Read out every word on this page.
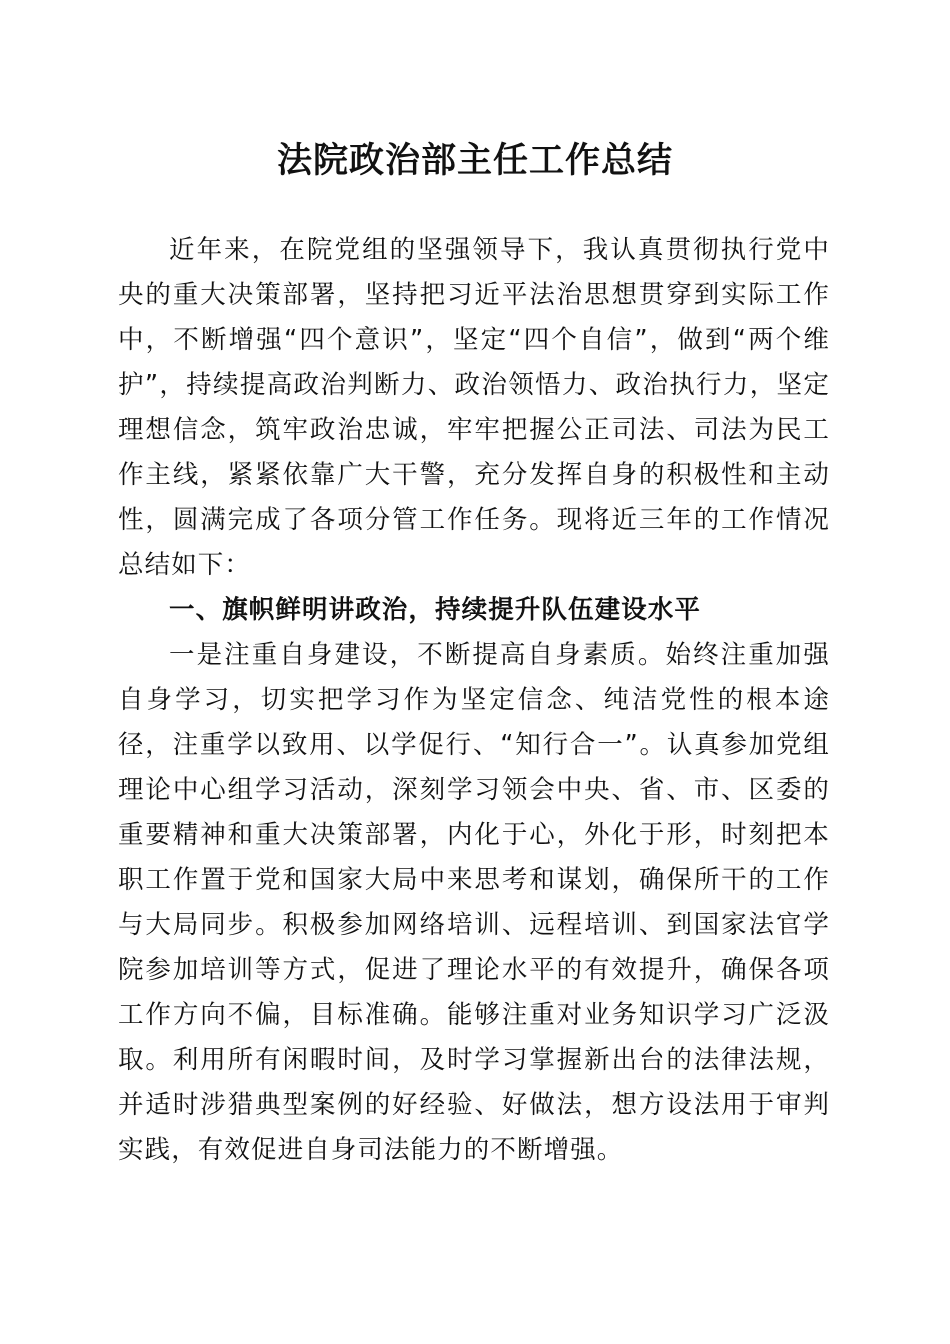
法院政治部主任工作总结

近年来，在院党组的坚强领导下，我认真贯彻执行党中央的重大决策部署，坚持把习近平法治思想贯穿到实际工作中，不断增强“四个意识”，坚定“四个自信”，做到“两个维护”，持续提高政治判断力、政治领悟力、政治执行力，坚定理想信念，筑牢政治忠诚，牢牢把握公正司法、司法为民工作主线，紧紧依靠广大干警，充分发挥自身的积极性和主动性，圆满完成了各项分管工作任务。现将近三年的工作情况总结如下：

一、旗帜鲜明讲政治，持续提升队伍建设水平

一是注重自身建设，不断提高自身素质。始终注重加强自身学习，切实把学习作为坚定信念、纯洁党性的根本途径，注重学以致用、以学促行、“知行合一”。认真参加党组理论中心组学习活动，深刻学习领会中央、省、市、区委的重要精神和重大决策部署，内化于心，外化于形，时刻把本职工作置于党和国家大局中来思考和谋划，确保所干的工作与大局同步。积极参加网络培训、远程培训、到国家法官学院参加培训等方式，促进了理论水平的有效提升，确保各项工作方向不偏，目标准确。能够注重对业务知识学习广泛汲取。利用所有闲暇时间，及时学习掌握新出台的法律法规，并适时涉猎典型案例的好经验、好做法，想方设法用于审判实践，有效促进自身司法能力的不断增强。
